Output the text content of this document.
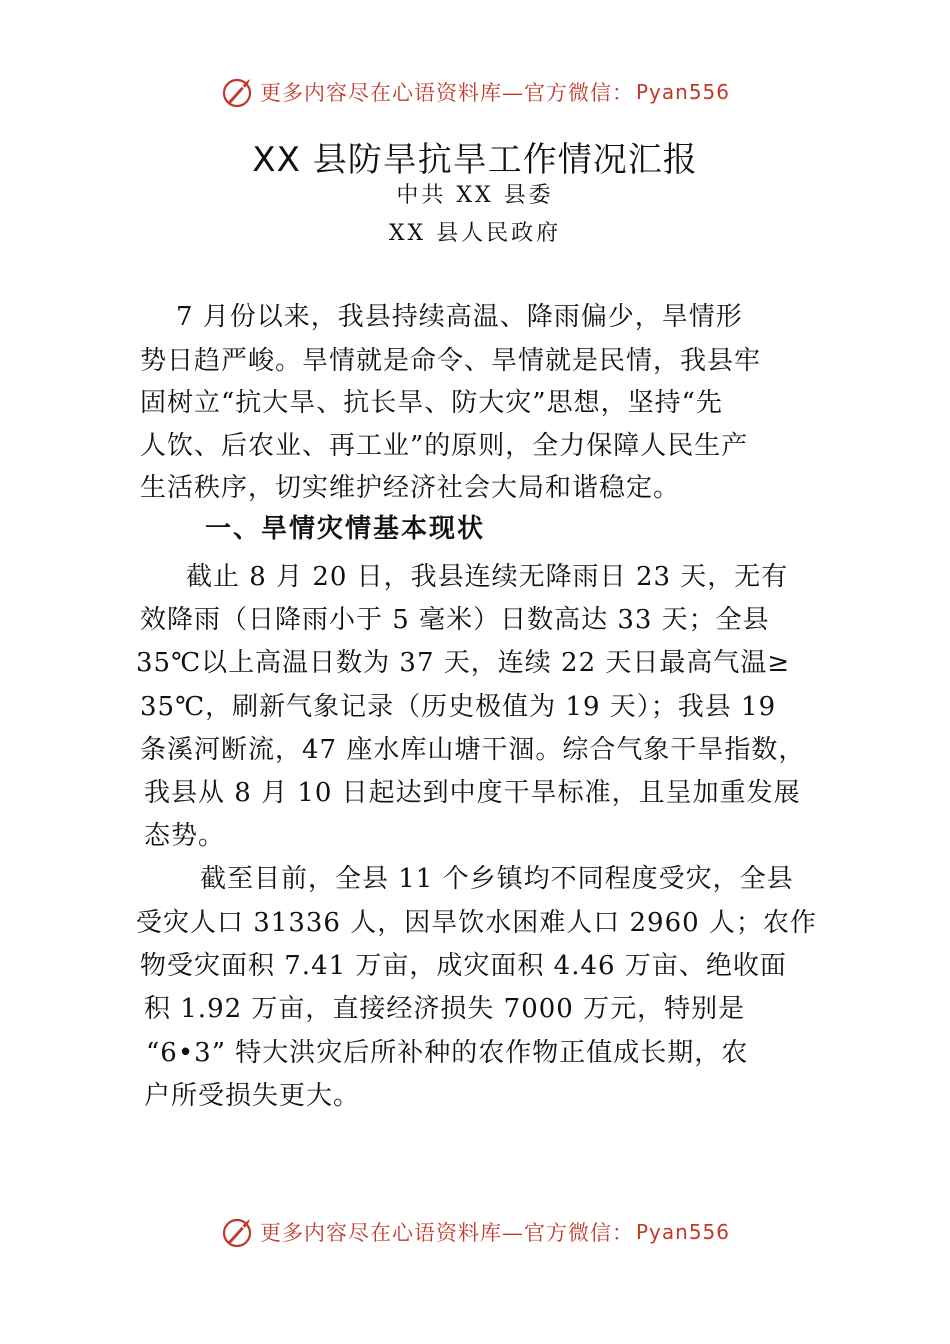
更多内容尽在心语资料库—官方微信： Pyan556
XX 县防旱抗旱工作情况汇报
中共 XX 县委
XX 县人民政府
7 月份以来，我县持续高温、降雨偏少，旱情形
势日趋严峻。旱情就是命令、旱情就是民情，我县牢
固树立“抗大旱、抗长旱、防大灾”思想，坚持“先
人饮、后农业、再工业”的原则，全力保障人民生产
生活秩序，切实维护经济社会大局和谐稳定。
一、旱情灾情基本现状
截止 8 月 20 日，我县连续无降雨日 23 天，无有
效降雨（日降雨小于 5 毫米）日数高达 33 天；全县
35℃以上高温日数为 37 天，连续 22 天日最高气温≥
35℃，刷新气象记录（历史极值为 19 天）；我县 19
条溪河断流，47 座水库山塘干涸。综合气象干旱指数，
我县从 8 月 10 日起达到中度干旱标准，且呈加重发展
态势。
截至目前，全县 11 个乡镇均不同程度受灾，全县
受灾人口 31336 人，因旱饮水困难人口 2960 人；农作
物受灾面积 7.41 万亩，成灾面积 4.46 万亩、绝收面
积 1.92 万亩，直接经济损失 7000 万元，特别是
“6•3” 特大洪灾后所补种的农作物正值成长期，农
户所受损失更大。
更多内容尽在心语资料库—官方微信： Pyan556
